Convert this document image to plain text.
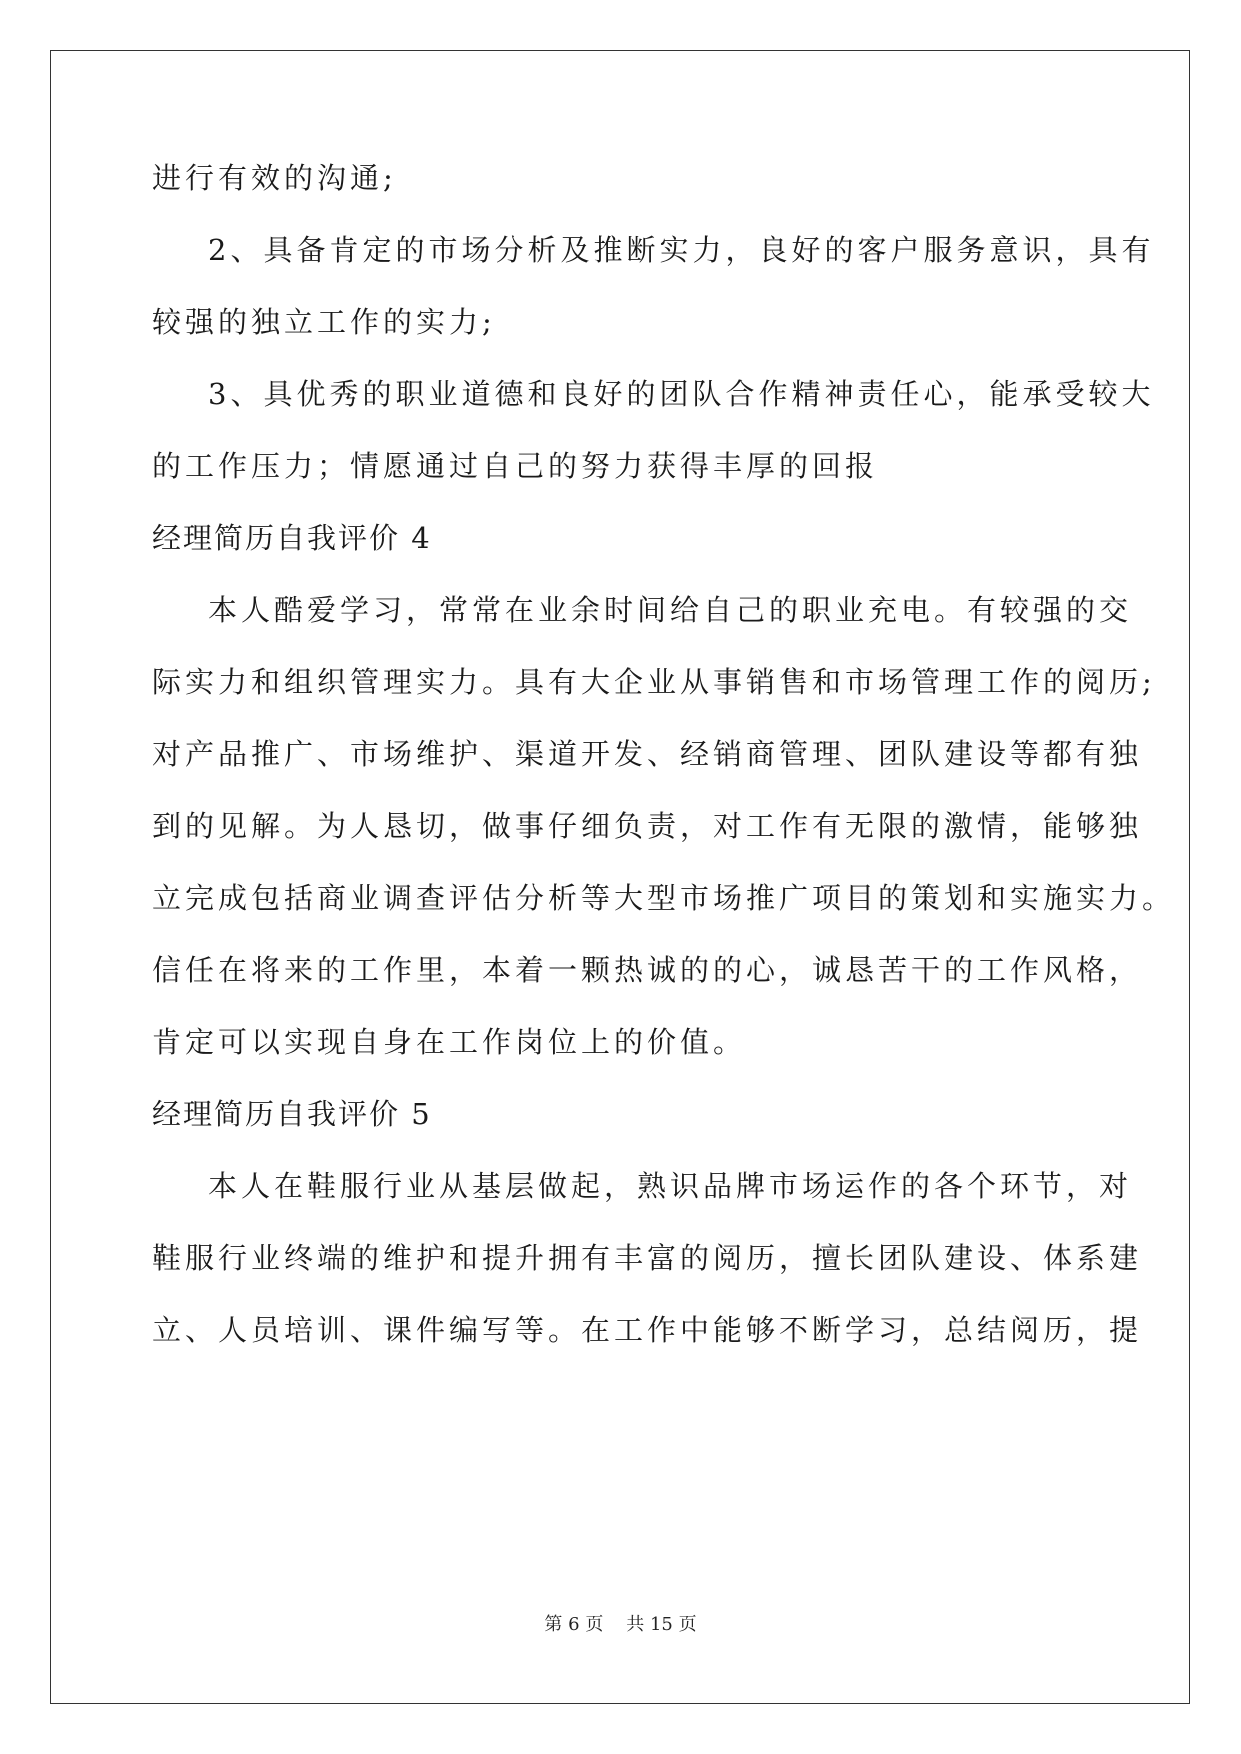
进行有效的沟通;
2、具备肯定的市场分析及推断实力，良好的客户服务意识，具有
较强的独立工作的实力;
3、具优秀的职业道德和良好的团队合作精神责任心，能承受较大
的工作压力；情愿通过自己的努力获得丰厚的回报
经理简历自我评价 4
本人酷爱学习，常常在业余时间给自己的职业充电。有较强的交
际实力和组织管理实力。具有大企业从事销售和市场管理工作的阅历;
对产品推广、市场维护、渠道开发、经销商管理、团队建设等都有独
到的见解。为人恳切，做事仔细负责，对工作有无限的激情，能够独
立完成包括商业调查评估分析等大型市场推广项目的策划和实施实力。
信任在将来的工作里，本着一颗热诚的的心，诚恳苦干的工作风格，
肯定可以实现自身在工作岗位上的价值。
经理简历自我评价 5
本人在鞋服行业从基层做起，熟识品牌市场运作的各个环节，对
鞋服行业终端的维护和提升拥有丰富的阅历，擅长团队建设、体系建
立、人员培训、课件编写等。在工作中能够不断学习，总结阅历，提
第 6 页 共 15 页
